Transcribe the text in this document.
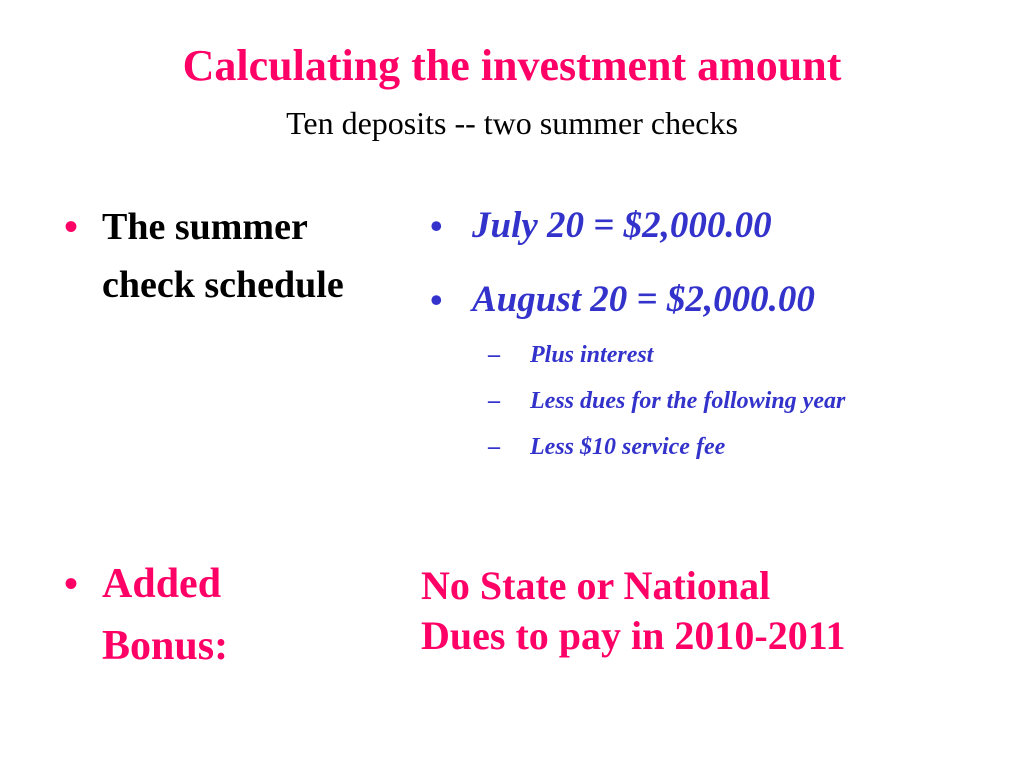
Calculating the investment amount
Ten deposits -- two summer checks
• The summer
check schedule
• Added
Bonus:
• July 20 = $2,000.00
• August 20 = $2,000.00
–	Plus interest
–	Less dues for the following year
–	Less $10 service fee
No State or National
Dues to pay in 2010-2011
